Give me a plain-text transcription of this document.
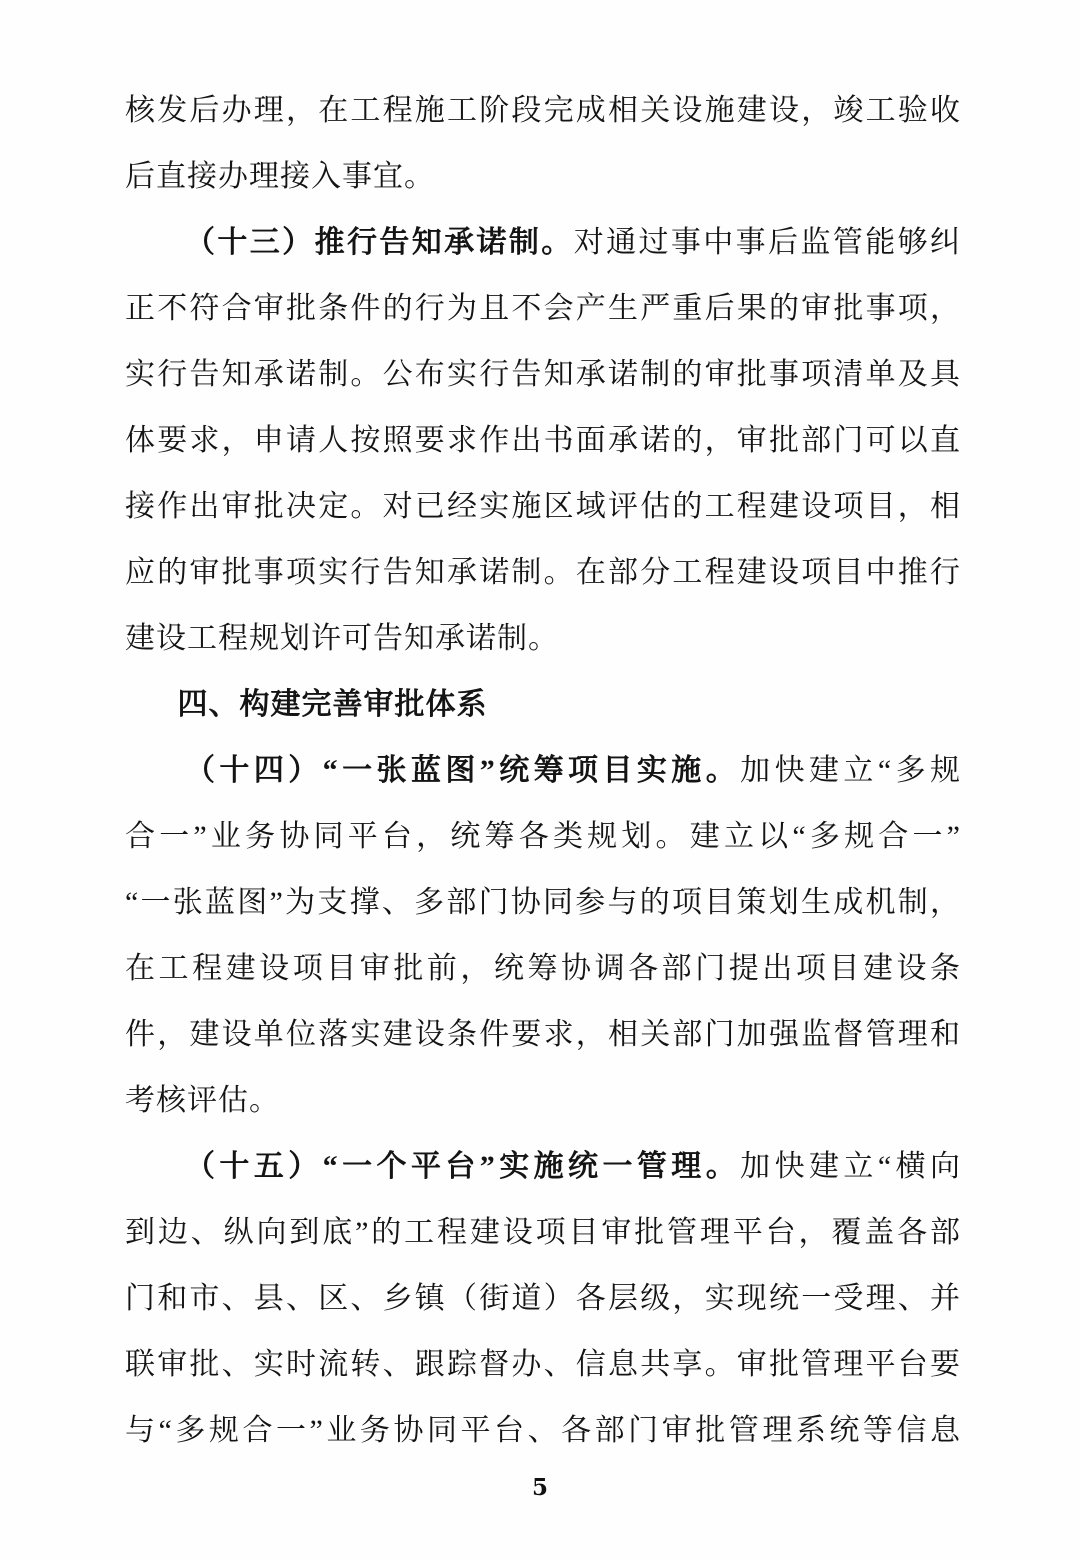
核发后办理，在工程施工阶段完成相关设施建设，竣工验收

后直接办理接入事宜。

（十三）推行告知承诺制。对通过事中事后监管能够纠

正不符合审批条件的行为且不会产生严重后果的审批事项，

实行告知承诺制。公布实行告知承诺制的审批事项清单及具

体要求，申请人按照要求作出书面承诺的，审批部门可以直

接作出审批决定。对已经实施区域评估的工程建设项目，相

应的审批事项实行告知承诺制。在部分工程建设项目中推行

建设工程规划许可告知承诺制。

四、构建完善审批体系

（十四）“一张蓝图”统筹项目实施。加快建立“多规

合一”业务协同平台，统筹各类规划。建立以“多规合一”

“一张蓝图”为支撑、多部门协同参与的项目策划生成机制，

在工程建设项目审批前，统筹协调各部门提出项目建设条

件，建设单位落实建设条件要求，相关部门加强监督管理和

考核评估。

（十五）“一个平台”实施统一管理。加快建立“横向

到边、纵向到底”的工程建设项目审批管理平台，覆盖各部

门和市、县、区、乡镇（街道）各层级，实现统一受理、并

联审批、实时流转、跟踪督办、信息共享。审批管理平台要

与“多规合一”业务协同平台、各部门审批管理系统等信息

5
